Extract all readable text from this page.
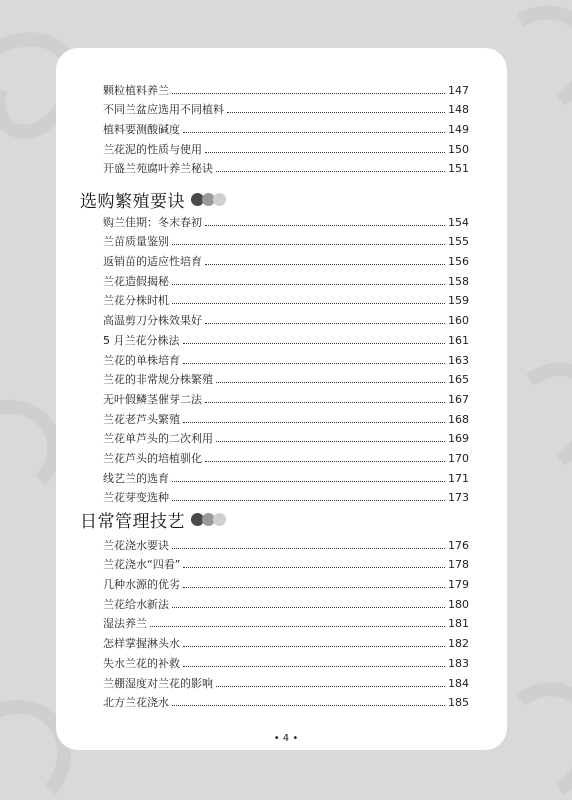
颗粒植料养兰	147
不同兰盆应选用不同植料	148
植料要测酸碱度	149
兰花泥的性质与使用	150
开盛兰苑腐叶养兰秘诀	151
选购繁殖要诀
购兰佳期：冬末春初	154
兰苗质量鉴别	155
返销苗的适应性培育	156
兰花造假揭秘	158
兰花分株时机	159
高温剪刀分株效果好	160
5 月兰花分株法	161
兰花的单株培育	163
兰花的非常规分株繁殖	165
无叶假鳞茎催芽二法	167
兰花老芦头繁殖	168
兰花单芦头的二次利用	169
兰花芦头的培植驯化	170
线艺兰的选育	171
兰花芽变选种	173
日常管理技艺
兰花浇水要诀	176
兰花浇水“四看”	178
几种水源的优劣	179
兰花给水新法	180
湿法养兰	181
怎样掌握淋头水	182
失水兰花的补救	183
兰棚湿度对兰花的影响	184
北方兰花浇水	185
• 4 •
